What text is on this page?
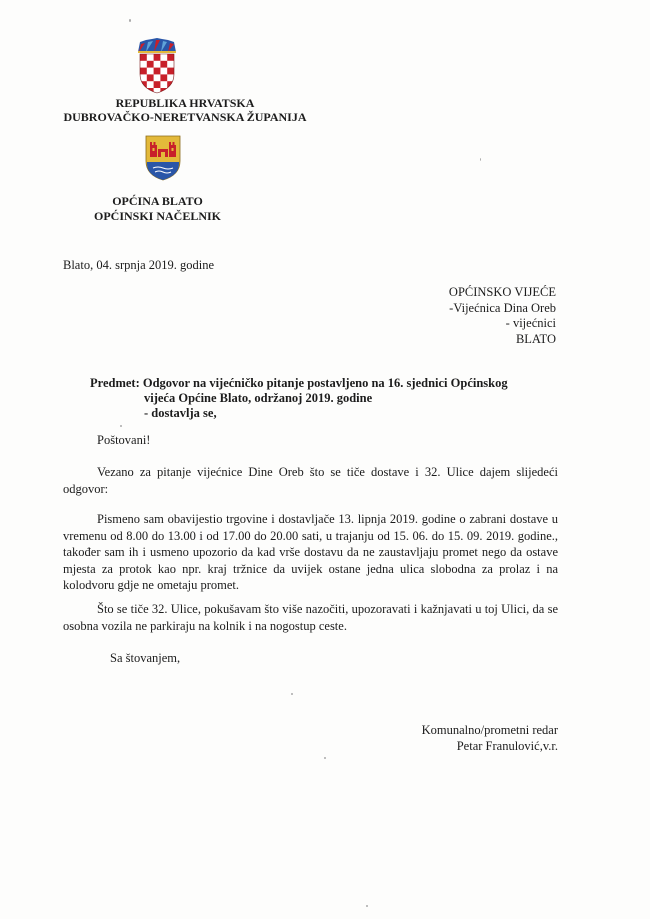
REPUBLIKA HRVATSKA
DUBROVAČKO-NERETVANSKA ŽUPANIJA
OPĆINA BLATO
OPĆINSKI NAČELNIK
Blato, 04. srpnja 2019. godine
OPĆINSKO VIJEĆE
-Vijećnica Dina Oreb
- vijećnici
BLATO
Predmet: Odgovor na vijećničko pitanje postavljeno na 16. sjednici Općinskog
vijeća Općine Blato, održanoj 2019. godine
- dostavlja se,
Poštovani!
Vezano za pitanje vijećnice Dine Oreb što se tiče dostave i 32. Ulice dajem slijedeći odgovor:
Pismeno sam obavijestio trgovine i dostavljače 13. lipnja 2019. godine o zabrani dostave u vremenu od 8.00 do 13.00 i od 17.00 do 20.00 sati, u trajanju od 15. 06. do 15. 09. 2019. godine., također sam ih i usmeno upozorio da kad vrše dostavu da ne zaustavljaju promet nego da ostave mjesta za protok kao npr. kraj tržnice da uvijek ostane jedna ulica slobodna za prolaz i na kolodvoru gdje ne ometaju promet.
Što se tiče 32. Ulice, pokušavam što više nazočiti, upozoravati i kažnjavati u toj Ulici, da se osobna vozila ne parkiraju na kolnik i na nogostup ceste.
Sa štovanjem,
Komunalno/prometni redar
Petar Franulović,v.r.
